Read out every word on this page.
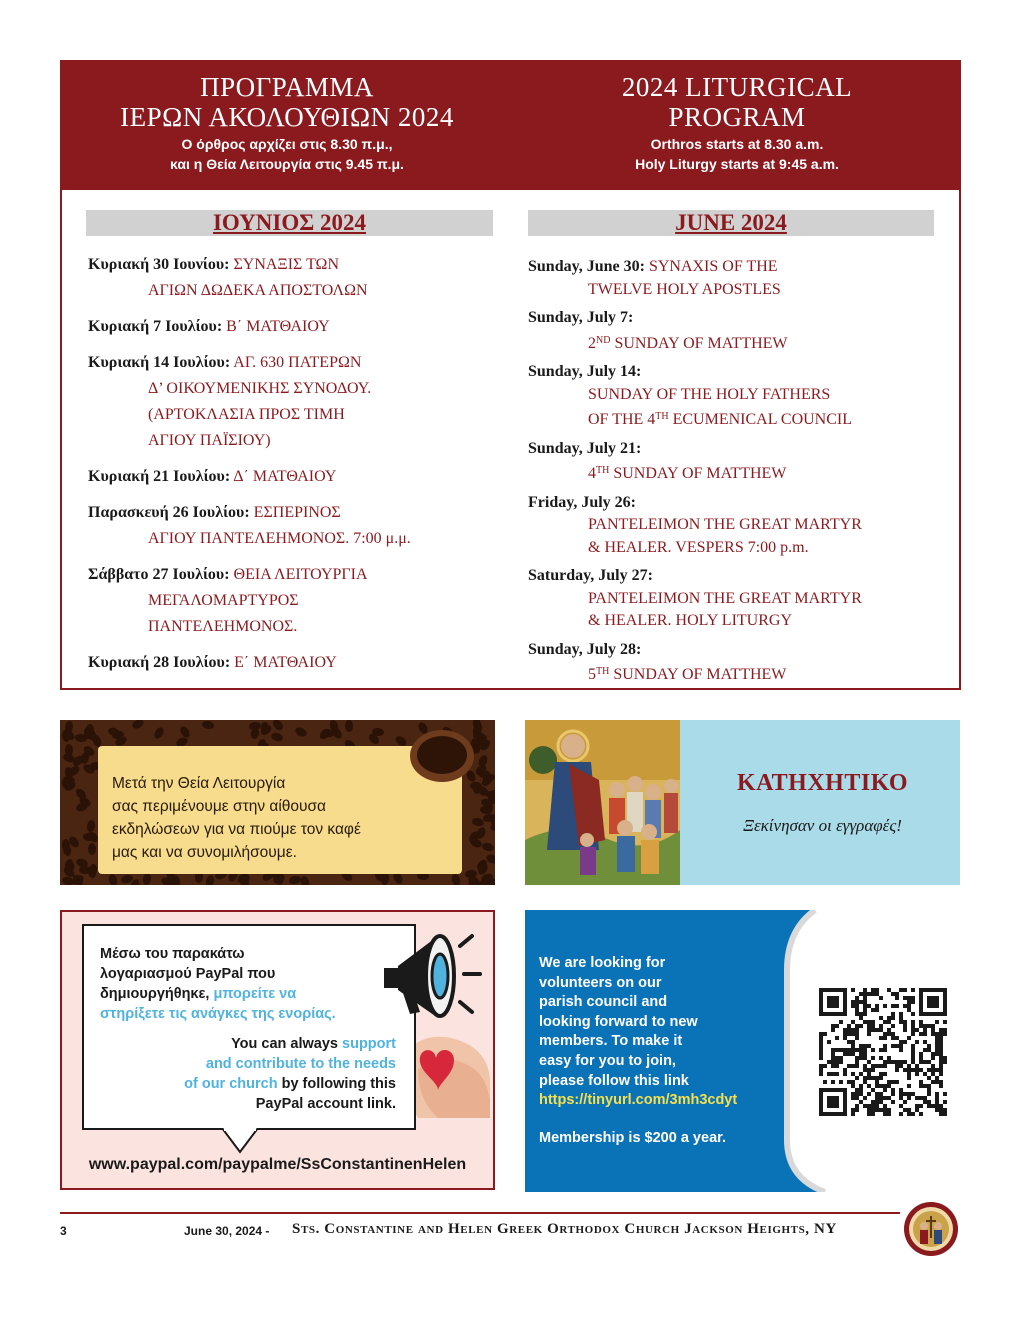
ΠΡΟΓΡΑΜΜΑ
ΙΕΡΩΝ ΑΚΟΛΟΥΘΙΩΝ 2024
Ο όρθρος αρχίζει στις 8.30 π.μ.,
και η Θεία Λειτουργία στις 9.45 π.μ.
2024 LITURGICAL
PROGRAM
Orthros starts at 8.30 a.m.
Holy Liturgy starts at 9:45 a.m.
ΙΟΥΝΙΟΣ 2024	JUNE 2024
Κυριακή 30 Ιουνίου: ΣΥΝΑΞΙΣ ΤΩΝ
ΑΓΙΩΝ ΔΩΔΕΚΑ ΑΠΟΣΤΟΛΩΝ
Κυριακή 7 Ιουλίου: Β΄ ΜΑΤΘΑΙΟΥ
Κυριακή 14 Ιουλίου: ΑΓ. 630 ΠΑΤΕΡΩΝ
Δ’ ΟΙΚΟΥΜΕΝΙΚΗΣ ΣΥΝΟΔΟΥ.
(ΑΡΤΟΚΛΑΣΙΑ ΠΡΟΣ ΤΙΜΗ
ΑΓΙΟΥ ΠΑΪΣΙΟΥ)
Κυριακή 21 Ιουλίου: Δ΄ ΜΑΤΘΑΙΟΥ
Παρασκευή 26 Ιουλίου: ΕΣΠΕΡΙΝΟΣ
ΑΓΙΟΥ ΠΑΝΤΕΛΕΗΜΟΝΟΣ. 7:00 μ.μ.
Σάββατο 27 Ιουλίου: ΘΕΙΑ ΛΕΙΤΟΥΡΓΙΑ
ΜΕΓΑΛΟΜΑΡΤΥΡΟΣ
ΠΑΝΤΕΛΕΗΜΟΝΟΣ.
Κυριακή 28 Ιουλίου: Ε΄ ΜΑΤΘΑΙΟΥ
Sunday, June 30: SYNAXIS OF THE
TWELVE HOLY APOSTLES
Sunday, July 7:
2ND SUNDAY OF MATTHEW
Sunday, July 14:
SUNDAY OF THE HOLY FATHERS
OF THE 4TH ECUMENICAL COUNCIL
Sunday, July 21:
4TH SUNDAY OF MATTHEW
Friday, July 26:
PANTELEIMON THE GREAT MARTYR
& HEALER. VESPERS 7:00 p.m.
Saturday, July 27:
PANTELEIMON THE GREAT MARTYR
& HEALER. HOLY LITURGY
Sunday, July 28:
5TH SUNDAY OF MATTHEW
Μετά την Θεία Λειτουργία
σας περιμένουμε στην αίθουσα
εκδηλώσεων για να πιούμε τον καφέ
μας και να συνομιλήσουμε.
ΚΑΤΗΧΗΤΙΚΟ
Ξεκίνησαν οι εγγραφές!
Μέσω του παρακάτω
λογαριασμού PayPal που
δημιουργήθηκε, μπορείτε να
στηρίξετε τις ανάγκες της ενορίας.
You can always support
and contribute to the needs
of our church by following this
PayPal account link.
www.paypal.com/paypalme/SsConstantinenHelen
We are looking for
volunteers on our
parish council and
looking forward to new
members. To make it
easy for you to join,
please follow this link
https://tinyurl.com/3mh3cdyt
Membership is $200 a year.
3	June 30, 2024 - Sts. Constantine and Helen Greek Orthodox Church Jackson Heights, NY
